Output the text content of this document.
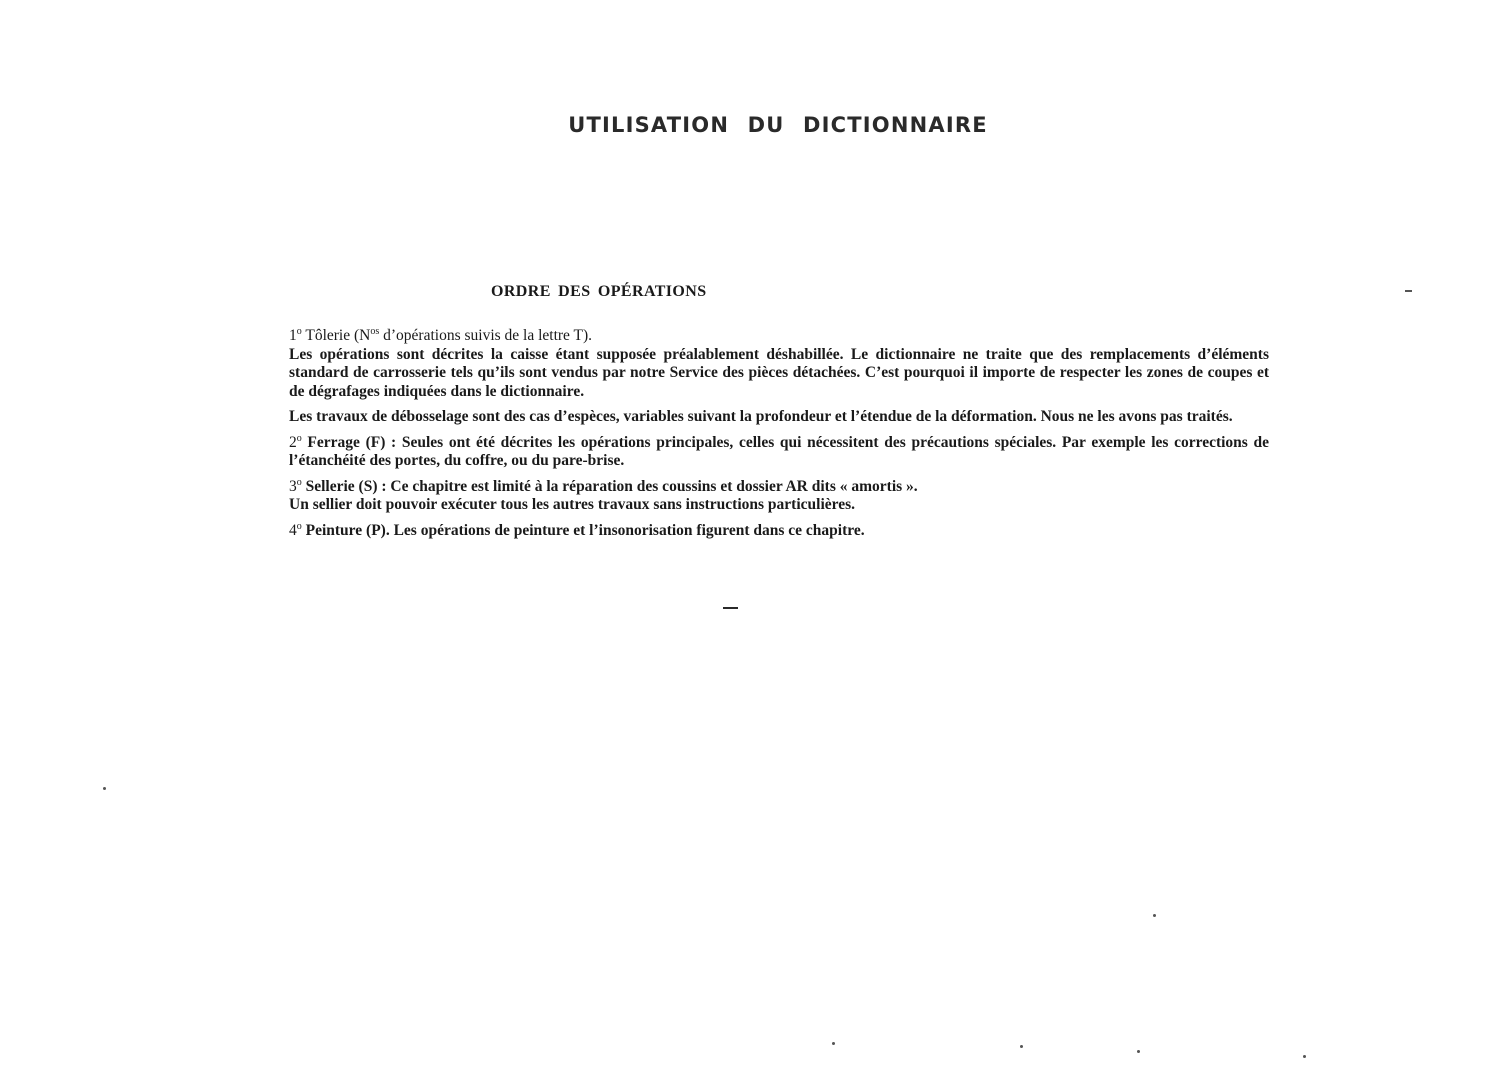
UTILISATION DU DICTIONNAIRE
ORDRE DES OPÉRATIONS

1$^o$ Tôlerie ($N^{os}$ d’opérations suivis de la lettre T).
Les opérations sont décrites la caisse étant supposée préalablement déshabillée. Le dictionnaire ne traite que des remplacements d’éléments standard de carrosserie tels qu’ils sont vendus par notre Service des pièces détachées. C’est pourquoi il importe de respecter les zones de coupes et de dégrafages indiquées dans le dictionnaire.

Les travaux de débosselage sont des cas d’espèces, variables suivant la profondeur et l’étendue de la déformation. Nous ne les avons pas traités.

2$^o$ Ferrage (F) : Seules ont été décrites les opérations principales, celles qui nécessitent des précautions spéciales. Par exemple les corrections de l’étanchéité des portes, du coffre, ou du pare-brise.

3$^o$ Sellerie (S) : Ce chapitre est limité à la réparation des coussins et dossier AR dits « amortis ».
Un sellier doit pouvoir exécuter tous les autres travaux sans instructions particulières.

4$^o$ Peinture (P). Les opérations de peinture et l’insonorisation figurent dans ce chapitre.
